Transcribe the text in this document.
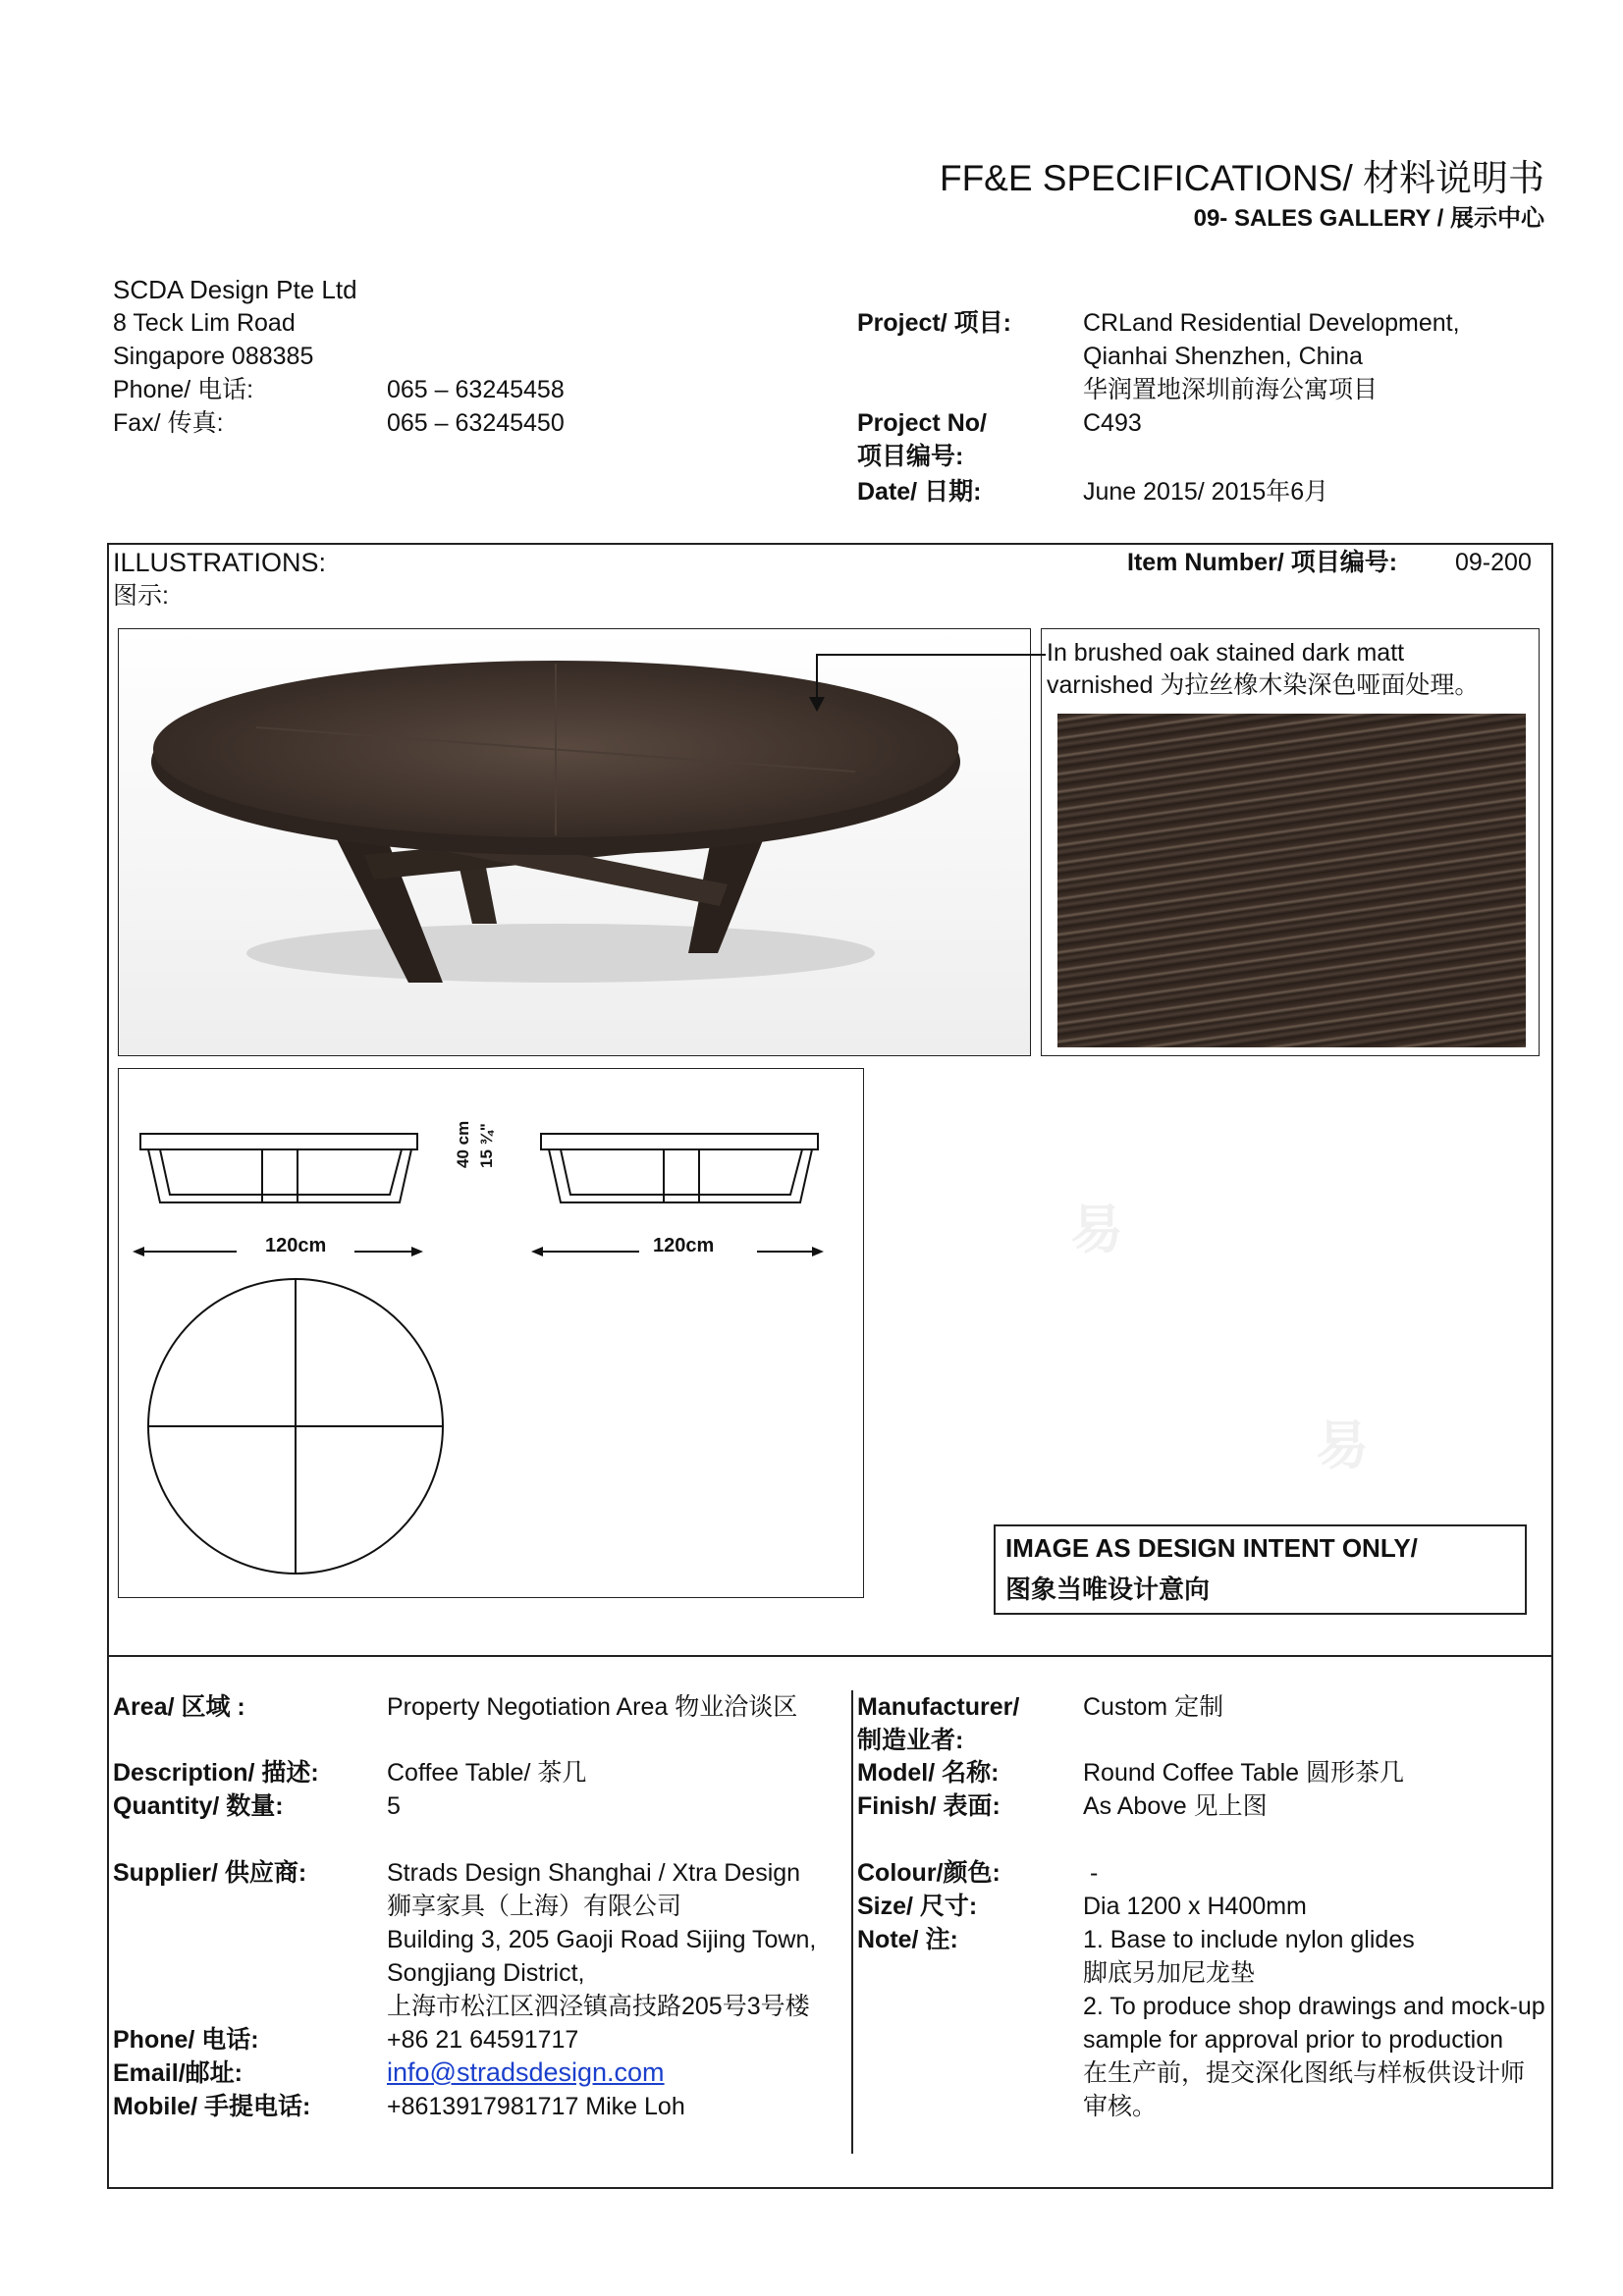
易
易
FF&E SPECIFICATIONS/ 材料说明书
09- SALES GALLERY / 展示中心
SCDA Design Pte Ltd
8 Teck Lim Road
Singapore 088385
Phone/ 电话:	065 – 63245458
Fax/ 传真:	065 – 63245450
Project/ 项目:	CRLand Residential Development,
Qianhai Shenzhen, China
华润置地深圳前海公寓项目
Project No/
项目编号:
C493
Date/ 日期:	June 2015/ 2015年6月
ILLUSTRATIONS:
图示:
Item Number/ 项目编号: 09-200
In brushed oak stained dark matt
varnished 为拉丝橡木染深色哑面处理。
120cm	120cm
40 cm 15 ¾"
IMAGE AS DESIGN INTENT ONLY/
图象当唯设计意向
Area/ 区域 :	Property Negotiation Area 物业洽谈区
Description/ 描述:	Coffee Table/ 茶几
Quantity/ 数量:	5
Supplier/ 供应商:	Strads Design Shanghai / Xtra Design
狮享家具（上海）有限公司
Building 3, 205 Gaoji Road Sijing Town,
Songjiang District,
上海市松江区泗泾镇高技路205号3号楼
Phone/ 电话:	+86 21 64591717
Email/邮址:	info@stradsdesign.com
Mobile/ 手提电话:	+8613917981717 Mike Loh
Manufacturer/
制造业者:
Custom 定制
Model/ 名称:	Round Coffee Table 圆形茶几
Finish/ 表面:	As Above 见上图
Colour/颜色:	-
Size/ 尺寸:	Dia 1200 x H400mm
Note/ 注:	1. Base to include nylon glides
脚底另加尼龙垫
2. To produce shop drawings and mock-up
sample for approval prior to production
在生产前，提交深化图纸与样板供设计师
审核。
